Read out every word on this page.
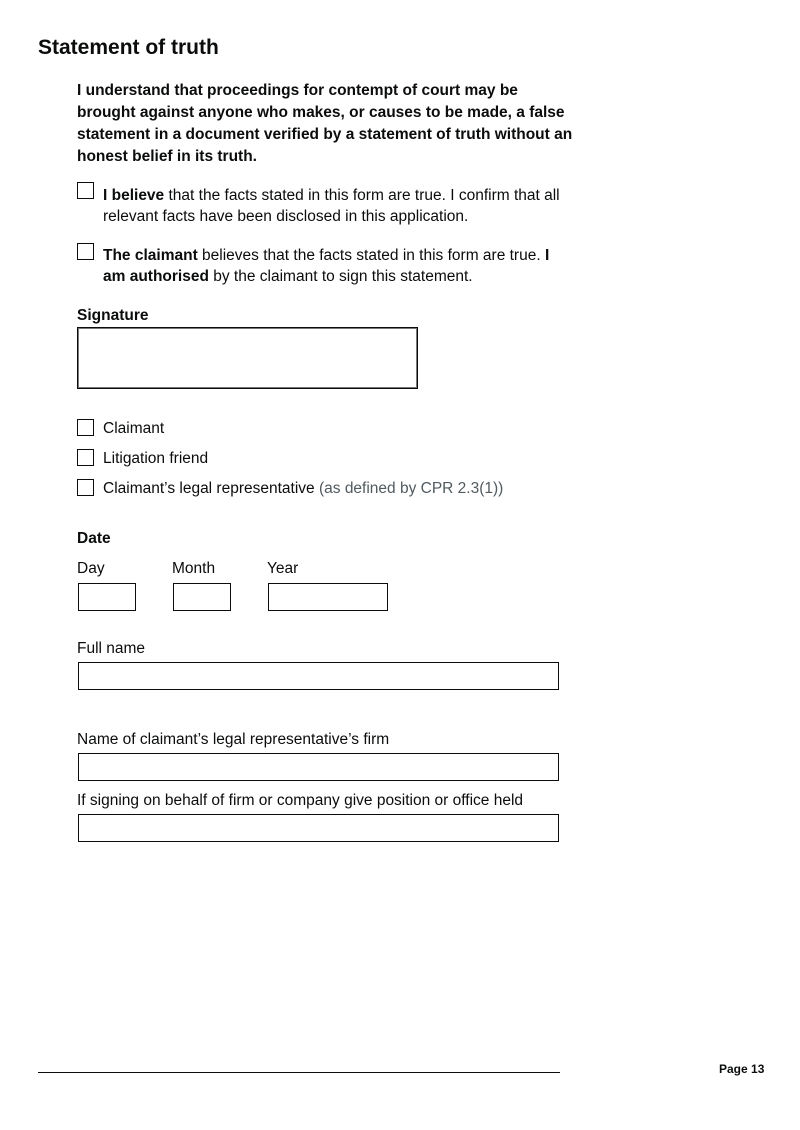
Statement of truth
I understand that proceedings for contempt of court may be brought against anyone who makes, or causes to be made, a false statement in a document verified by a statement of truth without an honest belief in its truth.
I believe that the facts stated in this form are true. I confirm that all relevant facts have been disclosed in this application.
The claimant believes that the facts stated in this form are true. I am authorised by the claimant to sign this statement.
Signature
Claimant
Litigation friend
Claimant’s legal representative (as defined by CPR 2.3(1))
Date
Day	Month	Year
Full name
Name of claimant’s legal representative’s firm
If signing on behalf of firm or company give position or office held
Page 13
